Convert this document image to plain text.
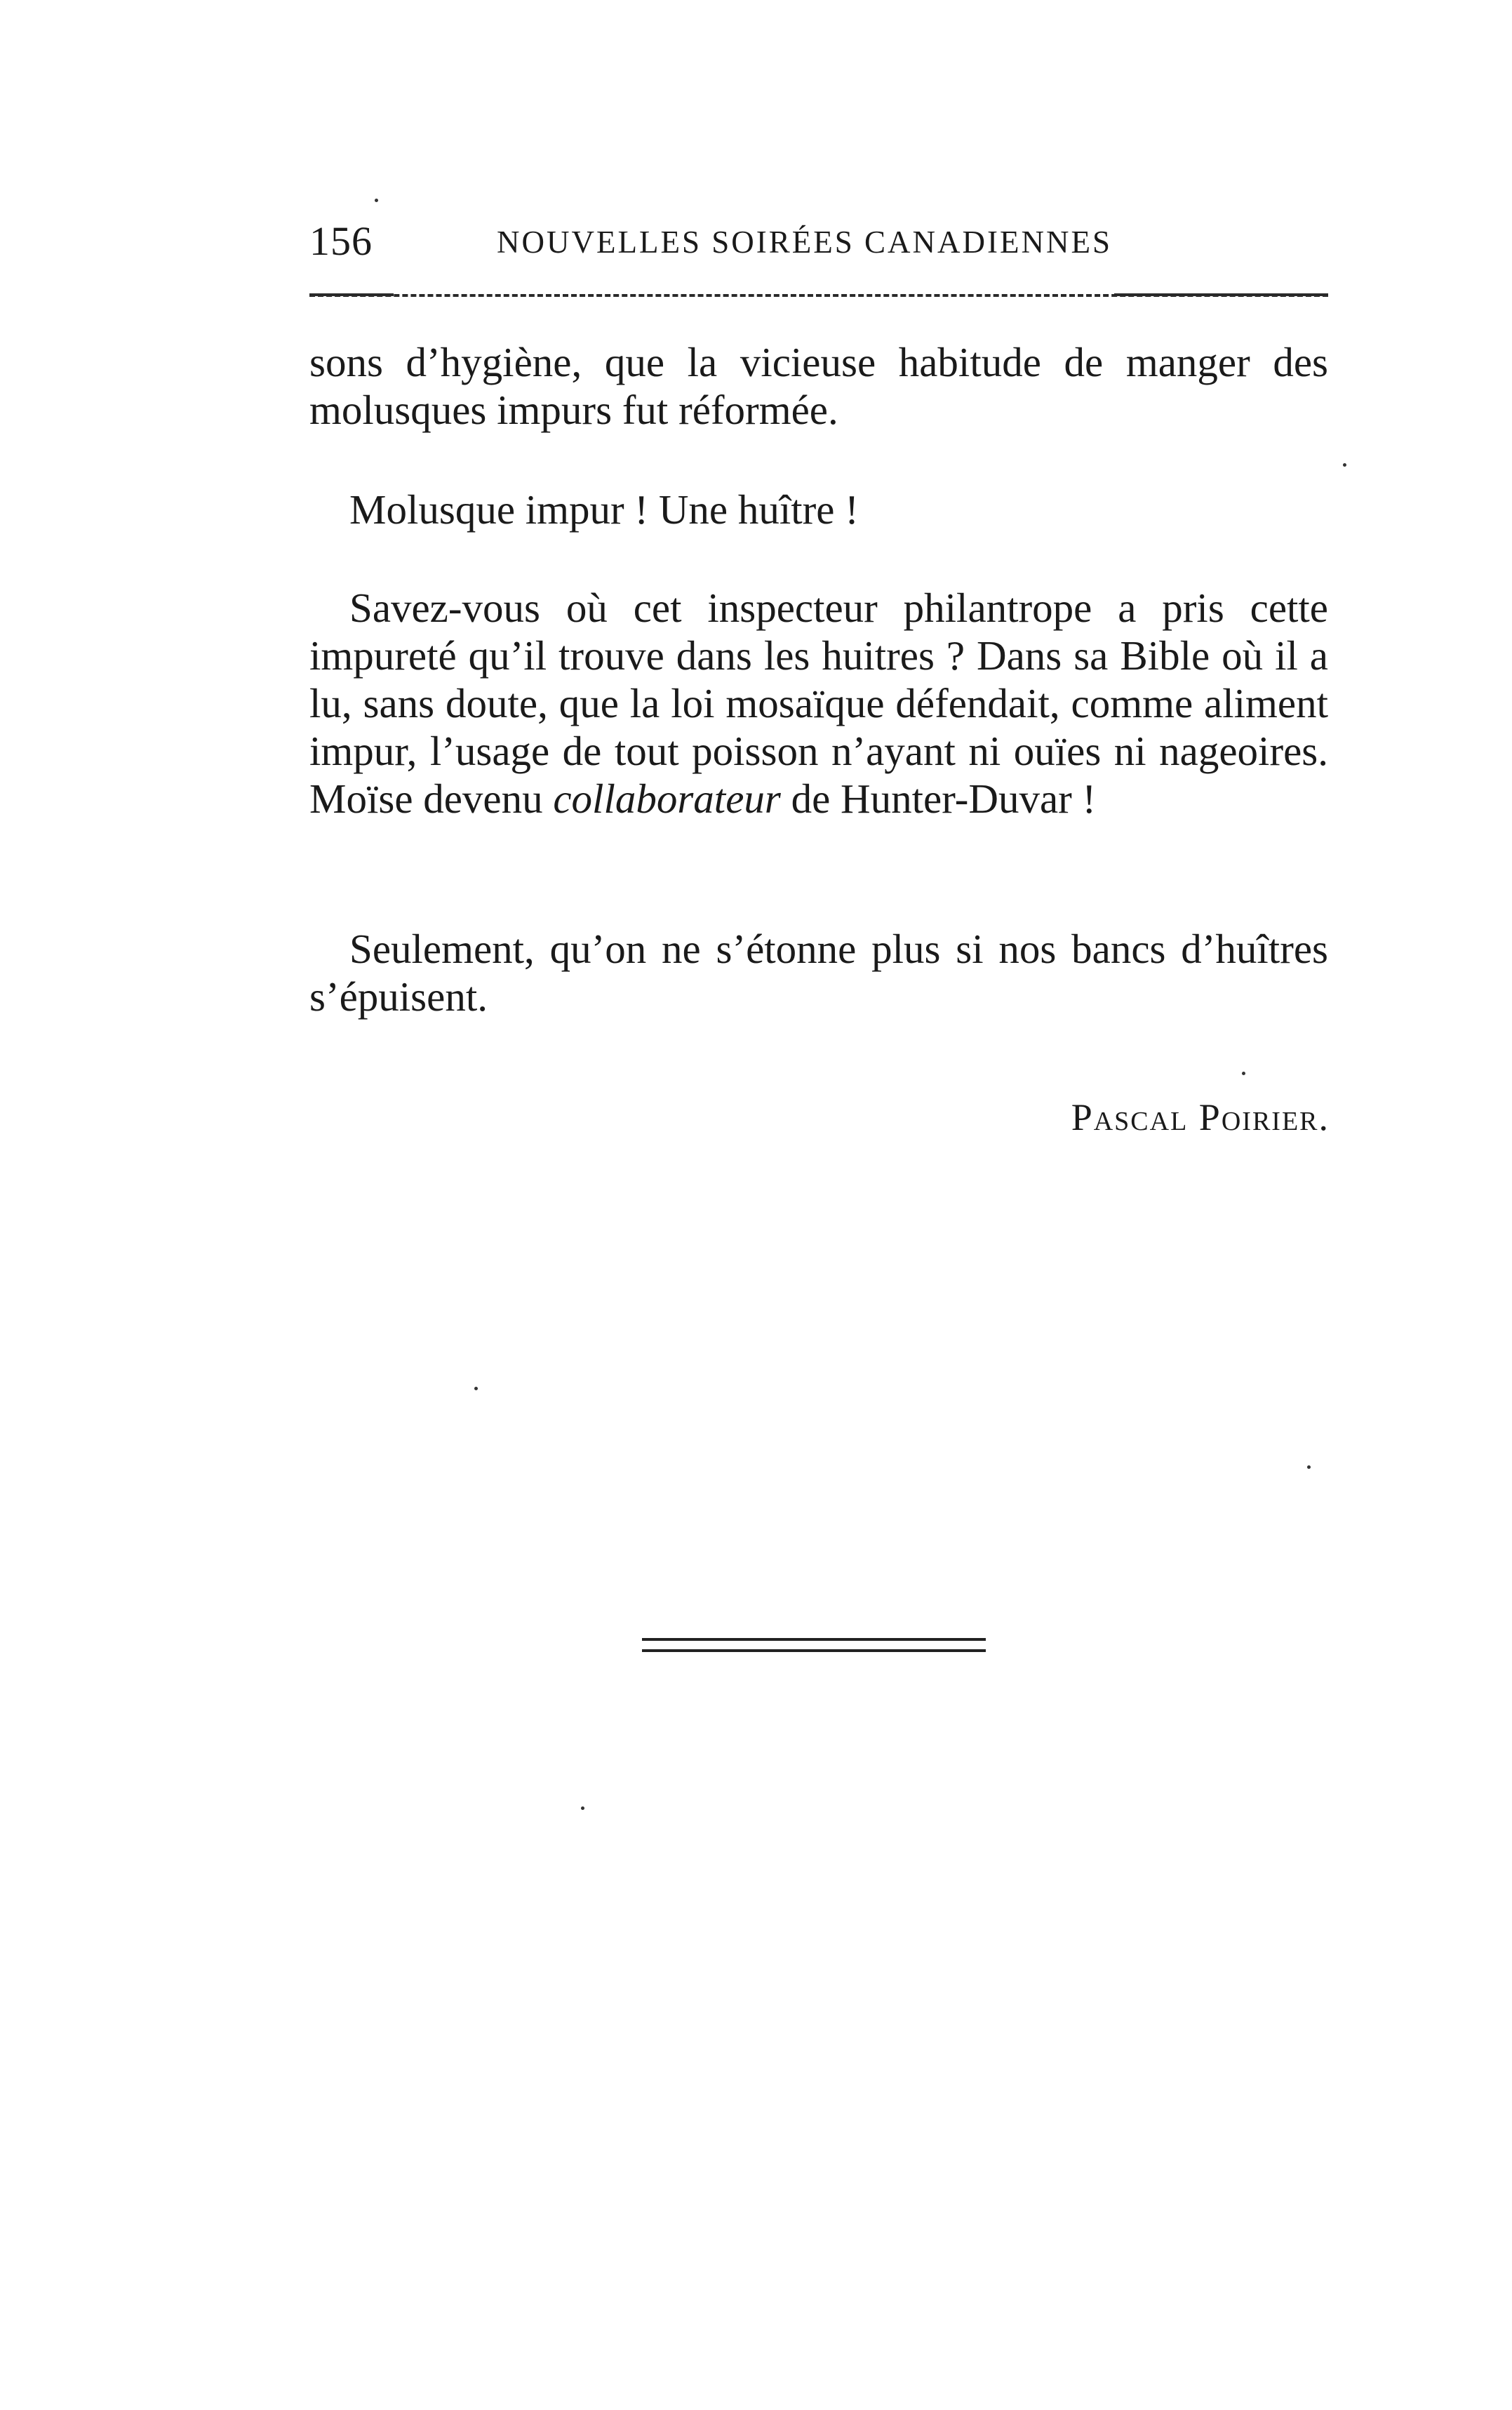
156	NOUVELLES SOIRÉES CANADIENNES

sons d’hygiène, que la vicieuse habitude de manger des molusques impurs fut réformée.

Molusque impur ! Une huître !

Savez-vous où cet inspecteur philantrope a pris cette impureté qu’il trouve dans les huitres ? Dans sa Bible où il a lu, sans doute, que la loi mosaïque défendait, comme aliment impur, l’usage de tout poisson n’ayant ni ouïes ni nageoires. Moïse devenu collaborateur de Hunter-Duvar !

Seulement, qu’on ne s’étonne plus si nos bancs d’huîtres s’épuisent.

Pascal Poirier.
